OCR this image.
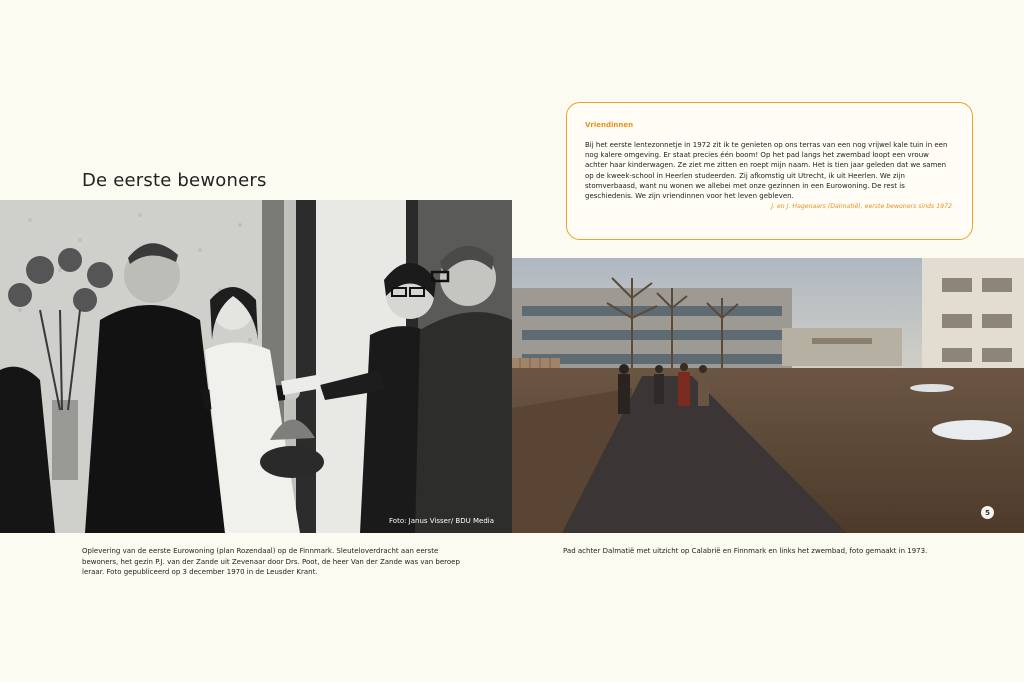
De eerste bewoners
Foto: Janus Visser/ BDU Media
5
Oplevering van de eerste Eurowoning (plan Rozendaal) op de Finnmark. Sleuteloverdracht aan eerste bewoners, het gezin P.J. van der Zande uit Zevenaar door Drs. Poot, de heer Van der Zande was van beroep leraar. Foto gepubliceerd op 3 december 1970 in de Leusder Krant.
Pad achter Dalmatië met uitzicht op Calabrië en Finnmark en links het zwembad, foto gemaakt in 1973.
Vriendinnen
Bij het eerste lentezonnetje in 1972 zit ik te genieten op ons terras van een nog vrijwel kale tuin in een nog kalere omgeving. Er staat precies één boom! Op het pad langs het zwembad loopt een vrouw achter haar kinderwagen. Ze ziet me zitten en roept mijn naam. Het is tien jaar geleden dat we samen op de kweek-school in Heerlen studeerden. Zij afkomstig uit Utrecht, ik uit Heerlen. We zijn stomverbaasd, want nu wonen we allebei met onze gezinnen in een Eurowoning. De rest is geschiedenis. We zijn vriendinnen voor het leven gebleven.
J. en J. Hagenaars (Dalmatië), eerste bewoners sinds 1972
